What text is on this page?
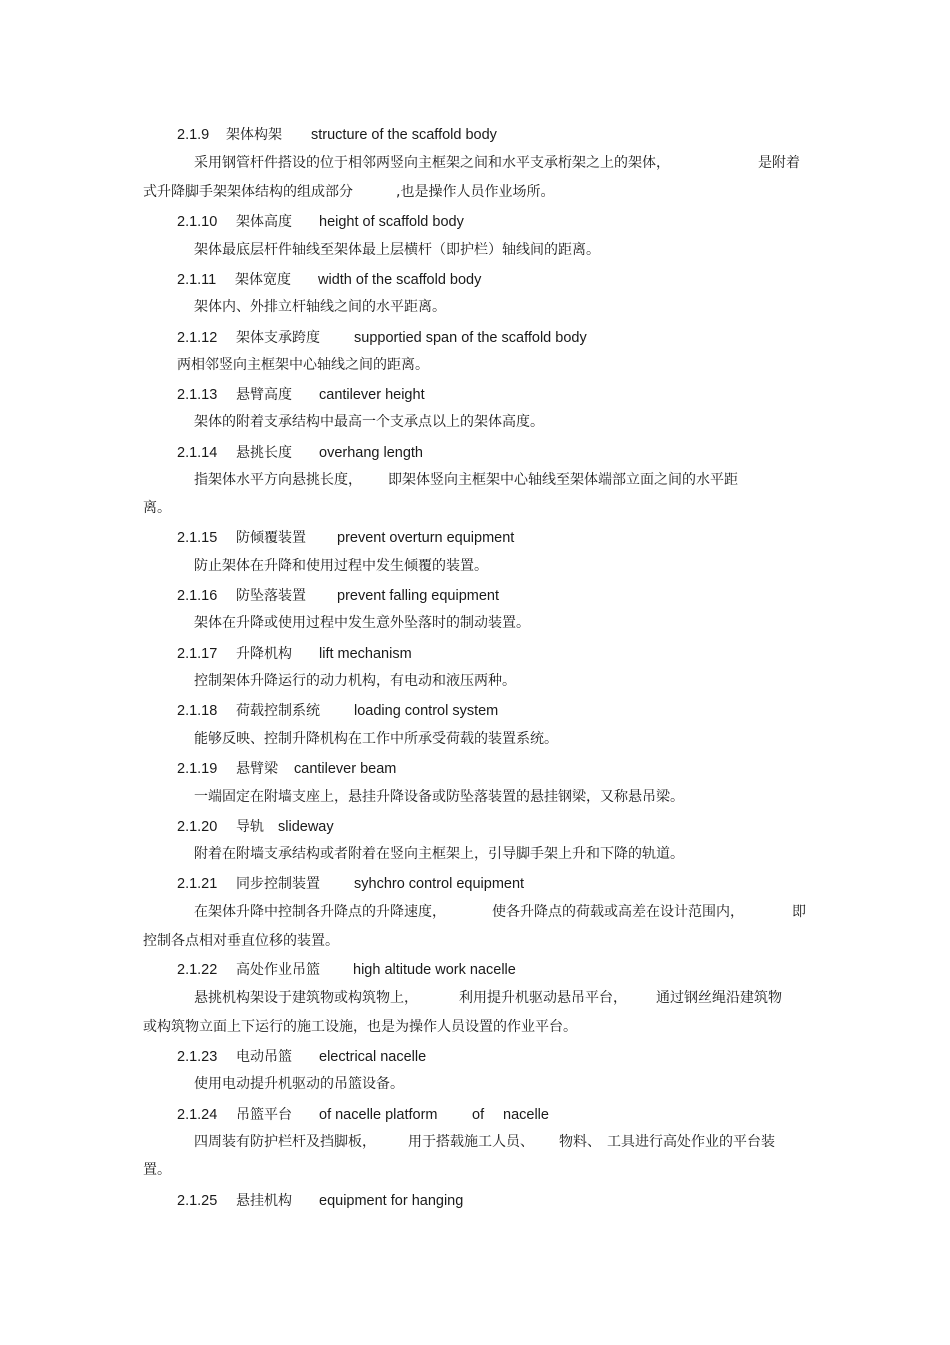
2.1.9 架体构架 structure of the scaffold body
采用钢管杆件搭设的位于相邻两竖向主框架之间和水平支承桁架之上的架体，	是附着
式升降脚手架架体结构的组成部分	,也是操作人员作业场所。
2.1.10 架体高度 height of scaffold body
架体最底层杆件轴线至架体最上层横杆（即护栏）轴线间的距离。
2.1.11 架体宽度 width of the scaffold body
架体内、外排立杆轴线之间的水平距离。
2.1.12 架体支承跨度 supportied span of the scaffold body
两相邻竖向主框架中心轴线之间的距离。
2.1.13 悬臂高度 cantilever height
架体的附着支承结构中最高一个支承点以上的架体高度。
2.1.14 悬挑长度 overhang length
指架体水平方向悬挑长度， 即架体竖向主框架中心轴线至架体端部立面之间的水平距
离。
2.1.15 防倾覆装置 prevent overturn equipment
防止架体在升降和使用过程中发生倾覆的装置。
2.1.16 防坠落装置 prevent falling equipment
架体在升降或使用过程中发生意外坠落时的制动装置。
2.1.17 升降机构 lift mechanism
控制架体升降运行的动力机构，有电动和液压两种。
2.1.18 荷载控制系统 loading control system
能够反映、控制升降机构在工作中所承受荷载的装置系统。
2.1.19 悬臂梁 cantilever beam
一端固定在附墙支座上，悬挂升降设备或防坠落装置的悬挂钢梁，又称悬吊梁。
2.1.20 导轨 slideway
附着在附墙支承结构或者附着在竖向主框架上，引导脚手架上升和下降的轨道。
2.1.21 同步控制装置 syhchro control equipment
在架体升降中控制各升降点的升降速度，	使各升降点的荷载或高差在设计范围内，	即
控制各点相对垂直位移的装置。
2.1.22 高处作业吊篮 high altitude work nacelle
悬挑机构架设于建筑物或构筑物上，	利用提升机驱动悬吊平台， 通过钢丝绳沿建筑物
或构筑物立面上下运行的施工设施，也是为操作人员设置的作业平台。
2.1.23 电动吊篮 electrical nacelle
使用电动提升机驱动的吊篮设备。
2.1.24 吊篮平台 of nacelle platform of nacelle
四周装有防护栏杆及挡脚板， 用于搭载施工人员、 物料、 工具进行高处作业的平台装
置。
2.1.25 悬挂机构 equipment for hanging
